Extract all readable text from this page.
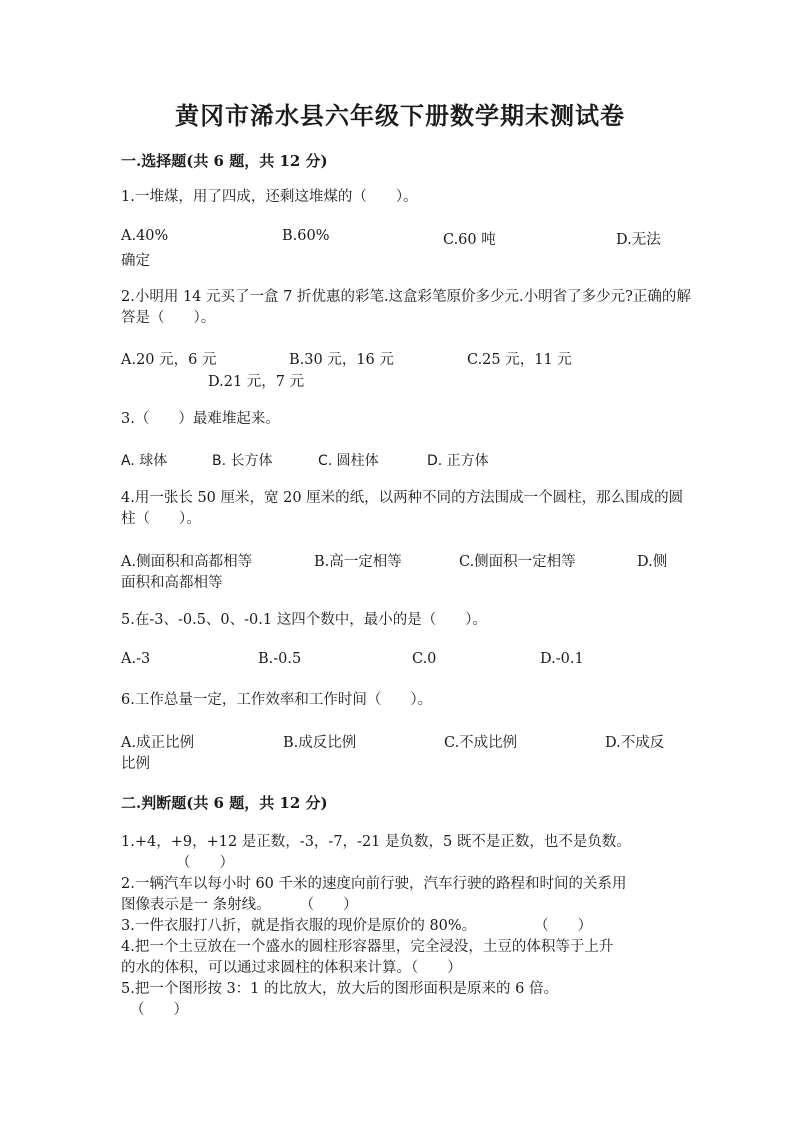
黄冈市浠水县六年级下册数学期末测试卷
一.选择题(共 6 题，共 12 分)
1.一堆煤，用了四成，还剩这堆煤的（　　）。
A.40%	B.60%	C.60 吨	D.无法
确定
2.小明用 14 元买了一盒 7 折优惠的彩笔.这盒彩笔原价多少元.小明省了多少元?正确的解答是（　　）。
A.20 元，6 元	B.30 元，16 元	C.25 元，11 元
D.21 元，7 元
3.（　　）最难堆起来。
A. 球体	B. 长方体	C. 圆柱体	D. 正方体
4.用一张长 50 厘米，宽 20 厘米的纸，以两种不同的方法围成一个圆柱，那么围成的圆柱（　　）。
A.侧面积和高都相等	B.高一定相等	C.侧面积一定相等	D.侧
面积和高都相等
5.在-3、-0.5、0、-0.1 这四个数中，最小的是（　　）。
A.-3	B.-0.5	C.0	D.-0.1
6.工作总量一定，工作效率和工作时间（　　）。
A.成正比例	B.成反比例	C.不成比例	D.不成反
比例
二.判断题(共 6 题，共 12 分)
1.+4，+9，+12 是正数，-3，-7，-21 是负数，5 既不是正数，也不是负数。
（　　）
2.一辆汽车以每小时 60 千米的速度向前行驶，汽车行驶的路程和时间的关系用
图像表示是一 条射线。　　　（　　）
3.一件衣服打八折，就是指衣服的现价是原价的 80%。　　　　　（　　）
4.把一个土豆放在一个盛水的圆柱形容器里，完全浸没，土豆的体积等于上升
的水的体积，可以通过求圆柱的体积来计算。（　　）
5.把一个图形按 3：1 的比放大，放大后的图形面积是原来的 6 倍。
（　　）
